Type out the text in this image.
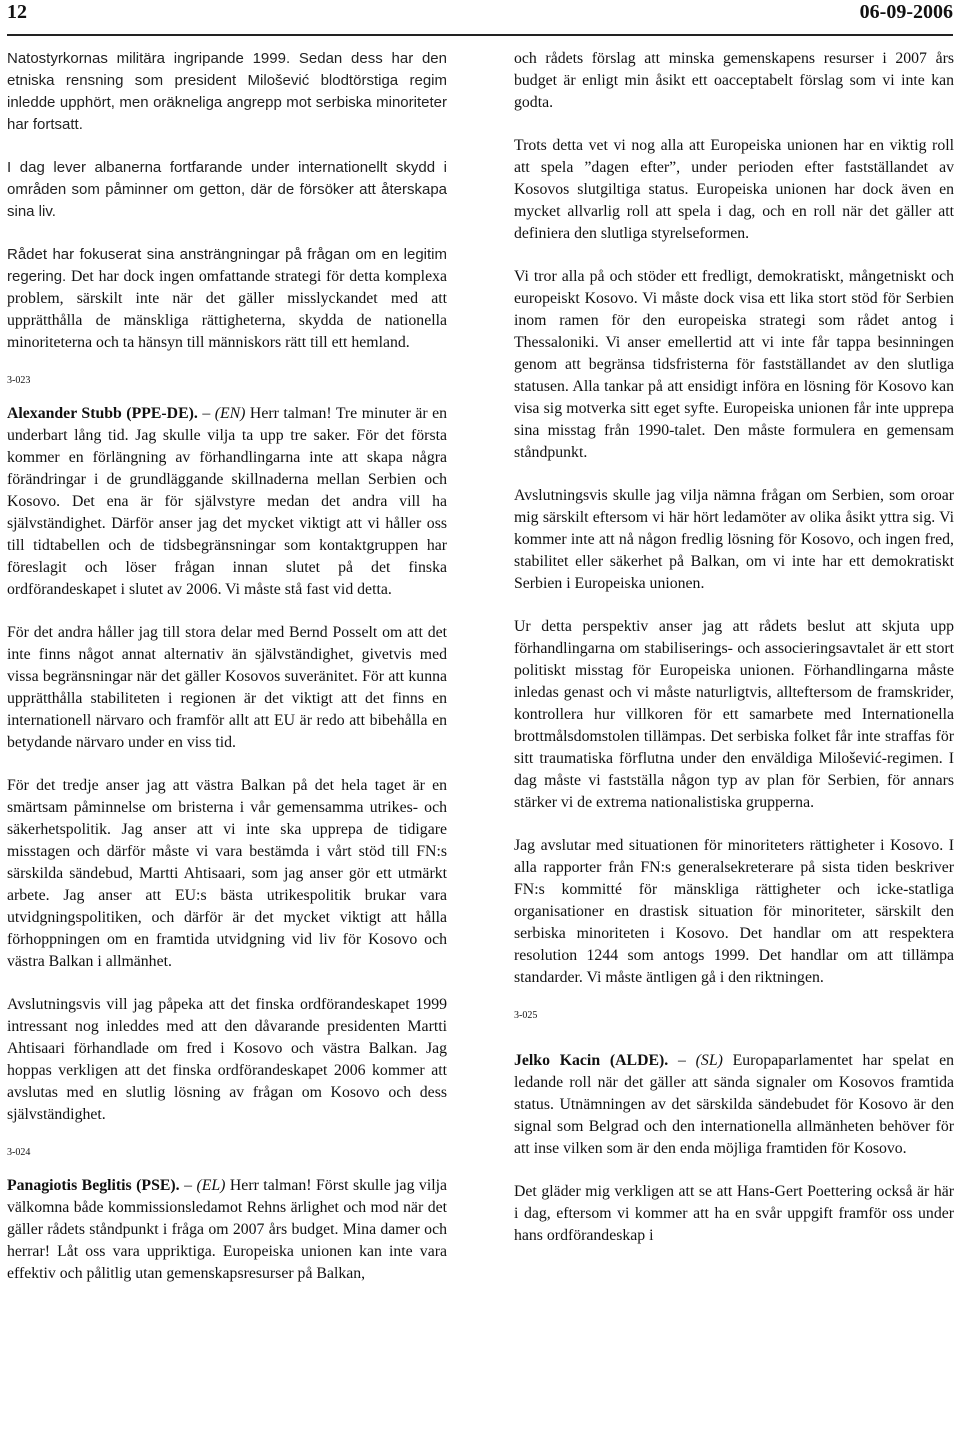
12	06-09-2006

Natostyrkornas militära ingripande 1999. Sedan dess har den etniska rensning som president Milošević blodtörstiga regim inledde upphört, men oräkneliga angrepp mot serbiska minoriteter har fortsatt.

I dag lever albanerna fortfarande under internationellt skydd i områden som påminner om getton, där de försöker att återskapa sina liv.

Rådet har fokuserat sina ansträngningar på frågan om en legitim regering. Det har dock ingen omfattande strategi för detta komplexa problem, särskilt inte när det gäller misslyckandet med att upprätthålla de mänskliga rättigheterna, skydda de nationella minoriteterna och ta hänsyn till människors rätt till ett hemland.

3-023

Alexander Stubb (PPE-DE). – (EN) Herr talman! Tre minuter är en underbart lång tid. Jag skulle vilja ta upp tre saker. För det första kommer en förlängning av förhandlingarna inte att skapa några förändringar i de grundläggande skillnaderna mellan Serbien och Kosovo. Det ena är för självstyre medan det andra vill ha självständighet. Därför anser jag det mycket viktigt att vi håller oss till tidtabellen och de tidsbegränsningar som kontaktgruppen har föreslagit och löser frågan innan slutet på det finska ordförandeskapet i slutet av 2006. Vi måste stå fast vid detta.

För det andra håller jag till stora delar med Bernd Posselt om att det inte finns något annat alternativ än självständighet, givetvis med vissa begränsningar när det gäller Kosovos suveränitet. För att kunna upprätthålla stabiliteten i regionen är det viktigt att det finns en internationell närvaro och framför allt att EU är redo att bibehålla en betydande närvaro under en viss tid.

För det tredje anser jag att västra Balkan på det hela taget är en smärtsam påminnelse om bristerna i vår gemensamma utrikes- och säkerhetspolitik. Jag anser att vi inte ska upprepa de tidigare misstagen och därför måste vi vara bestämda i vårt stöd till FN:s särskilda sändebud, Martti Ahtisaari, som jag anser gör ett utmärkt arbete. Jag anser att EU:s bästa utrikespolitik brukar vara utvidgningspolitiken, och därför är det mycket viktigt att hålla förhoppningen om en framtida utvidgning vid liv för Kosovo och västra Balkan i allmänhet.

Avslutningsvis vill jag påpeka att det finska ordförandeskapet 1999 intressant nog inleddes med att den dåvarande presidenten Martti Ahtisaari förhandlade om fred i Kosovo och västra Balkan. Jag hoppas verkligen att det finska ordförandeskapet 2006 kommer att avslutas med en slutlig lösning av frågan om Kosovo och dess självständighet.

3-024

Panagiotis Beglitis (PSE). – (EL) Herr talman! Först skulle jag vilja välkomna både kommissionsledamot Rehns ärlighet och mod när det gäller rådets ståndpunkt i fråga om 2007 års budget. Mina damer och herrar! Låt oss vara uppriktiga. Europeiska unionen kan inte vara effektiv och pålitlig utan gemenskapsresurser på Balkan,

och rådets förslag att minska gemenskapens resurser i 2007 års budget är enligt min åsikt ett oacceptabelt förslag som vi inte kan godta.

Trots detta vet vi nog alla att Europeiska unionen har en viktig roll att spela ”dagen efter”, under perioden efter fastställandet av Kosovos slutgiltiga status. Europeiska unionen har dock även en mycket allvarlig roll att spela i dag, och en roll när det gäller att definiera den slutliga styrelseformen.

Vi tror alla på och stöder ett fredligt, demokratiskt, mångetniskt och europeiskt Kosovo. Vi måste dock visa ett lika stort stöd för Serbien inom ramen för den europeiska strategi som rådet antog i Thessaloniki. Vi anser emellertid att vi inte får tappa besinningen genom att begränsa tidsfristerna för fastställandet av den slutliga statusen. Alla tankar på att ensidigt införa en lösning för Kosovo kan visa sig motverka sitt eget syfte. Europeiska unionen får inte upprepa sina misstag från 1990-talet. Den måste formulera en gemensam ståndpunkt.

Avslutningsvis skulle jag vilja nämna frågan om Serbien, som oroar mig särskilt eftersom vi här hört ledamöter av olika åsikt yttra sig. Vi kommer inte att nå någon fredlig lösning för Kosovo, och ingen fred, stabilitet eller säkerhet på Balkan, om vi inte har ett demokratiskt Serbien i Europeiska unionen.

Ur detta perspektiv anser jag att rådets beslut att skjuta upp förhandlingarna om stabiliserings- och associeringsavtalet är ett stort politiskt misstag för Europeiska unionen. Förhandlingarna måste inledas genast och vi måste naturligtvis, allteftersom de framskrider, kontrollera hur villkoren för ett samarbete med Internationella brottmålsdomstolen tillämpas. Det serbiska folket får inte straffas för sitt traumatiska förflutna under den enväldiga Milošević-regimen. I dag måste vi fastställa någon typ av plan för Serbien, för annars stärker vi de extrema nationalistiska grupperna.

Jag avslutar med situationen för minoriteters rättigheter i Kosovo. I alla rapporter från FN:s generalsekreterare på sista tiden beskriver FN:s kommitté för mänskliga rättigheter och icke-statliga organisationer en drastisk situation för minoriteter, särskilt den serbiska minoriteten i Kosovo. Det handlar om att respektera resolution 1244 som antogs 1999. Det handlar om att tillämpa standarder. Vi måste äntligen gå i den riktningen.

3-025

Jelko Kacin (ALDE). – (SL) Europaparlamentet har spelat en ledande roll när det gäller att sända signaler om Kosovos framtida status. Utnämningen av det särskilda sändebudet för Kosovo är den signal som Belgrad och den internationella allmänheten behöver för att inse vilken som är den enda möjliga framtiden för Kosovo.

Det gläder mig verkligen att se att Hans-Gert Poettering också är här i dag, eftersom vi kommer att ha en svår uppgift framför oss under hans ordförandeskap i
